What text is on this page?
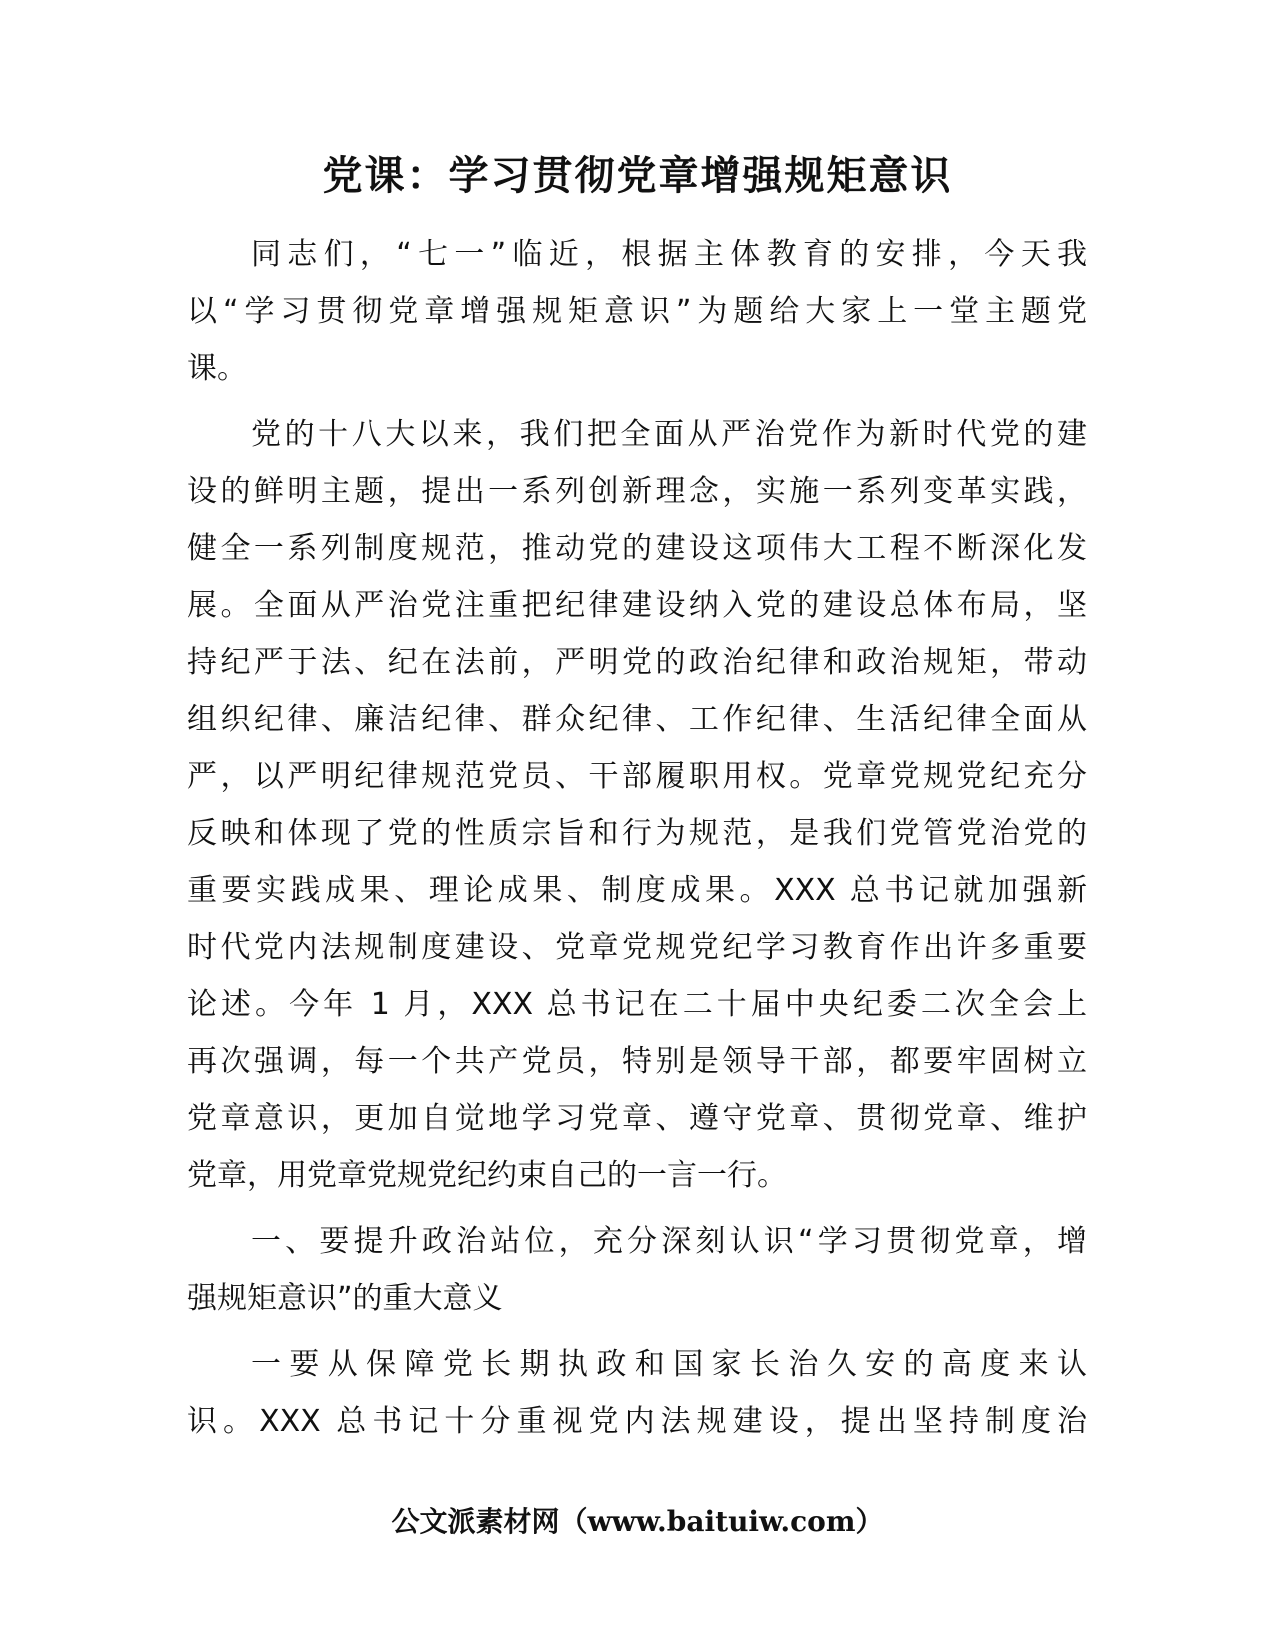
党课：学习贯彻党章增强规矩意识
同志们，“七一”临近，根据主体教育的安排，今天我
以“学习贯彻党章增强规矩意识”为题给大家上一堂主题党
课。
党的十八大以来，我们把全面从严治党作为新时代党的建
设的鲜明主题，提出一系列创新理念，实施一系列变革实践，
健全一系列制度规范，推动党的建设这项伟大工程不断深化发
展。全面从严治党注重把纪律建设纳入党的建设总体布局，坚
持纪严于法、纪在法前，严明党的政治纪律和政治规矩，带动
组织纪律、廉洁纪律、群众纪律、工作纪律、生活纪律全面从
严，以严明纪律规范党员、干部履职用权。党章党规党纪充分
反映和体现了党的性质宗旨和行为规范，是我们党管党治党的
重要实践成果、理论成果、制度成果。XXX 总书记就加强新
时代党内法规制度建设、党章党规党纪学习教育作出许多重要
论述。今年 1 月，XXX 总书记在二十届中央纪委二次全会上
再次强调，每一个共产党员，特别是领导干部，都要牢固树立
党章意识，更加自觉地学习党章、遵守党章、贯彻党章、维护
党章，用党章党规党纪约束自己的一言一行。
一、要提升政治站位，充分深刻认识“学习贯彻党章，增
强规矩意识”的重大意义
一要从保障党长期执政和国家长治久安的高度来认
识。XXX 总书记十分重视党内法规建设，提出坚持制度治
公文派素材网（www.baituiw.com）
